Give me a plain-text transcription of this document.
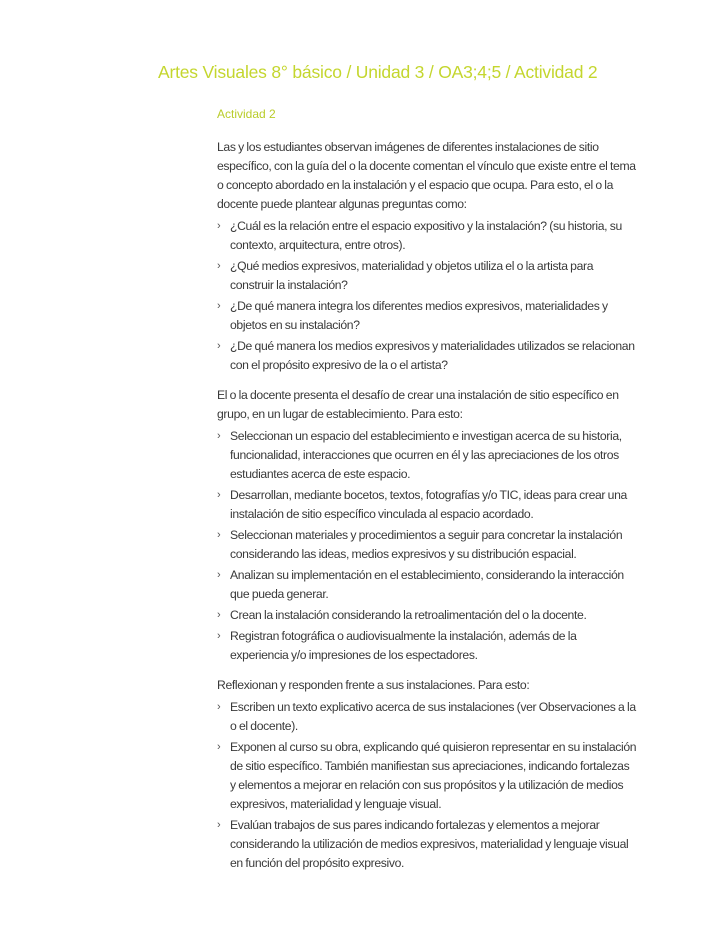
Artes Visuales 8° básico / Unidad 3 / OA3;4;5 / Actividad 2
Actividad 2

Las y los estudiantes observan imágenes de diferentes instalaciones de sitio específico, con la guía del o la docente comentan el vínculo que existe entre el tema o concepto abordado en la instalación y el espacio que ocupa. Para esto, el o la docente puede plantear algunas preguntas como:

› ¿Cuál es la relación entre el espacio expositivo y la instalación? (su historia, su contexto, arquitectura, entre otros).
› ¿Qué medios expresivos, materialidad y objetos utiliza el o la artista para construir la instalación?
› ¿De qué manera integra los diferentes medios expresivos, materialidades y objetos en su instalación?
› ¿De qué manera los medios expresivos y materialidades utilizados se relacionan con el propósito expresivo de la o el artista?

El o la docente presenta el desafío de crear una instalación de sitio específico en grupo, en un lugar de establecimiento. Para esto:

› Seleccionan un espacio del establecimiento e investigan acerca de su historia, funcionalidad, interacciones que ocurren en él y las apreciaciones de los otros estudiantes acerca de este espacio.
› Desarrollan, mediante bocetos, textos, fotografías y/o TIC, ideas para crear una instalación de sitio específico vinculada al espacio acordado.
› Seleccionan materiales y procedimientos a seguir para concretar la instalación considerando las ideas, medios expresivos y su distribución espacial.
› Analizan su implementación en el establecimiento, considerando la interacción que pueda generar.
› Crean la instalación considerando la retroalimentación del o la docente.
› Registran fotográfica o audiovisualmente la instalación, además de la experiencia y/o impresiones de los espectadores.

Reflexionan y responden frente a sus instalaciones. Para esto:

› Escriben un texto explicativo acerca de sus instalaciones (ver Observaciones a la o el docente).
› Exponen al curso su obra, explicando qué quisieron representar en su instalación de sitio específico. También manifiestan sus apreciaciones, indicando fortalezas y elementos a mejorar en relación con sus propósitos y la utilización de medios expresivos, materialidad y lenguaje visual.
› Evalúan trabajos de sus pares indicando fortalezas y elementos a mejorar considerando la utilización de medios expresivos, materialidad y lenguaje visual en función del propósito expresivo.
